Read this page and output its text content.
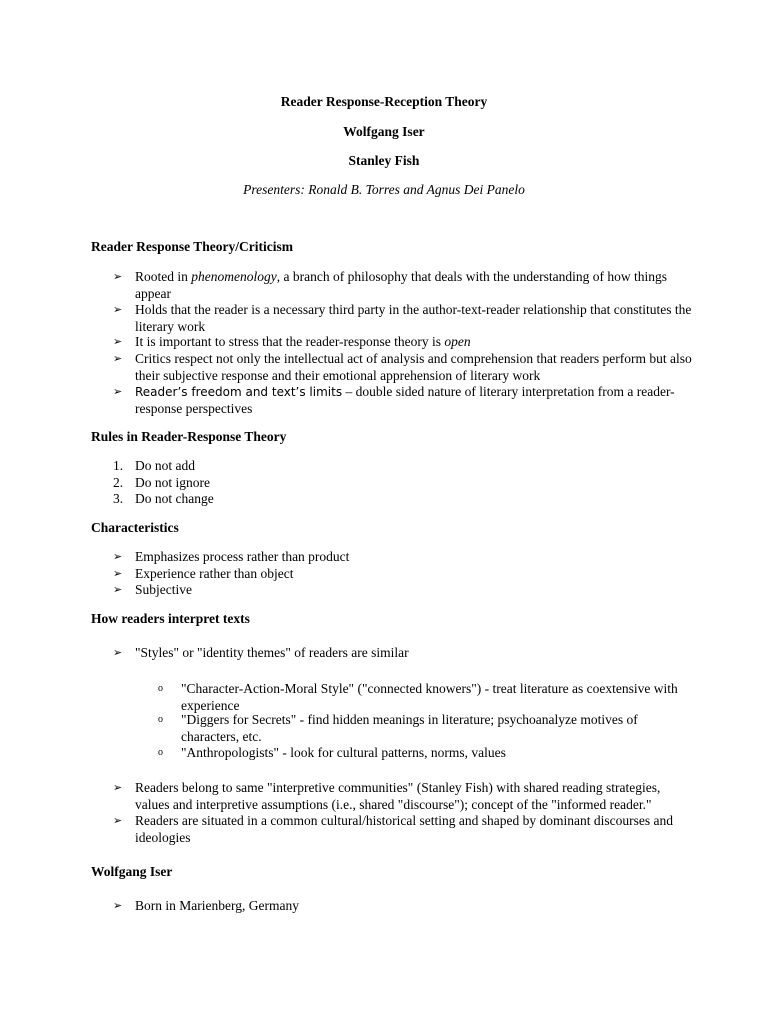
Reader Response-Reception Theory
Wolfgang Iser
Stanley Fish
Presenters: Ronald B. Torres and Agnus Dei Panelo
Reader Response Theory/Criticism
➢ Rooted in phenomenology, a branch of philosophy that deals with the understanding of how things appear
➢ Holds that the reader is a necessary third party in the author-text-reader relationship that constitutes the literary work
➢ It is important to stress that the reader-response theory is open
➢ Critics respect not only the intellectual act of analysis and comprehension that readers perform but also their subjective response and their emotional apprehension of literary work
➢ Reader’s freedom and text’s limits – double sided nature of literary interpretation from a reader-response perspectives
Rules in Reader-Response Theory
1. Do not add
2. Do not ignore
3. Do not change
Characteristics
➢ Emphasizes process rather than product
➢ Experience rather than object
➢ Subjective
How readers interpret texts
➢ "Styles" or "identity themes" of readers are similar
o "Character-Action-Moral Style" ("connected knowers") - treat literature as coextensive with experience
o "Diggers for Secrets" - find hidden meanings in literature; psychoanalyze motives of characters, etc.
o "Anthropologists" - look for cultural patterns, norms, values
➢ Readers belong to same "interpretive communities" (Stanley Fish) with shared reading strategies, values and interpretive assumptions (i.e., shared "discourse"); concept of the "informed reader."
➢ Readers are situated in a common cultural/historical setting and shaped by dominant discourses and ideologies
Wolfgang Iser
➢ Born in Marienberg, Germany
